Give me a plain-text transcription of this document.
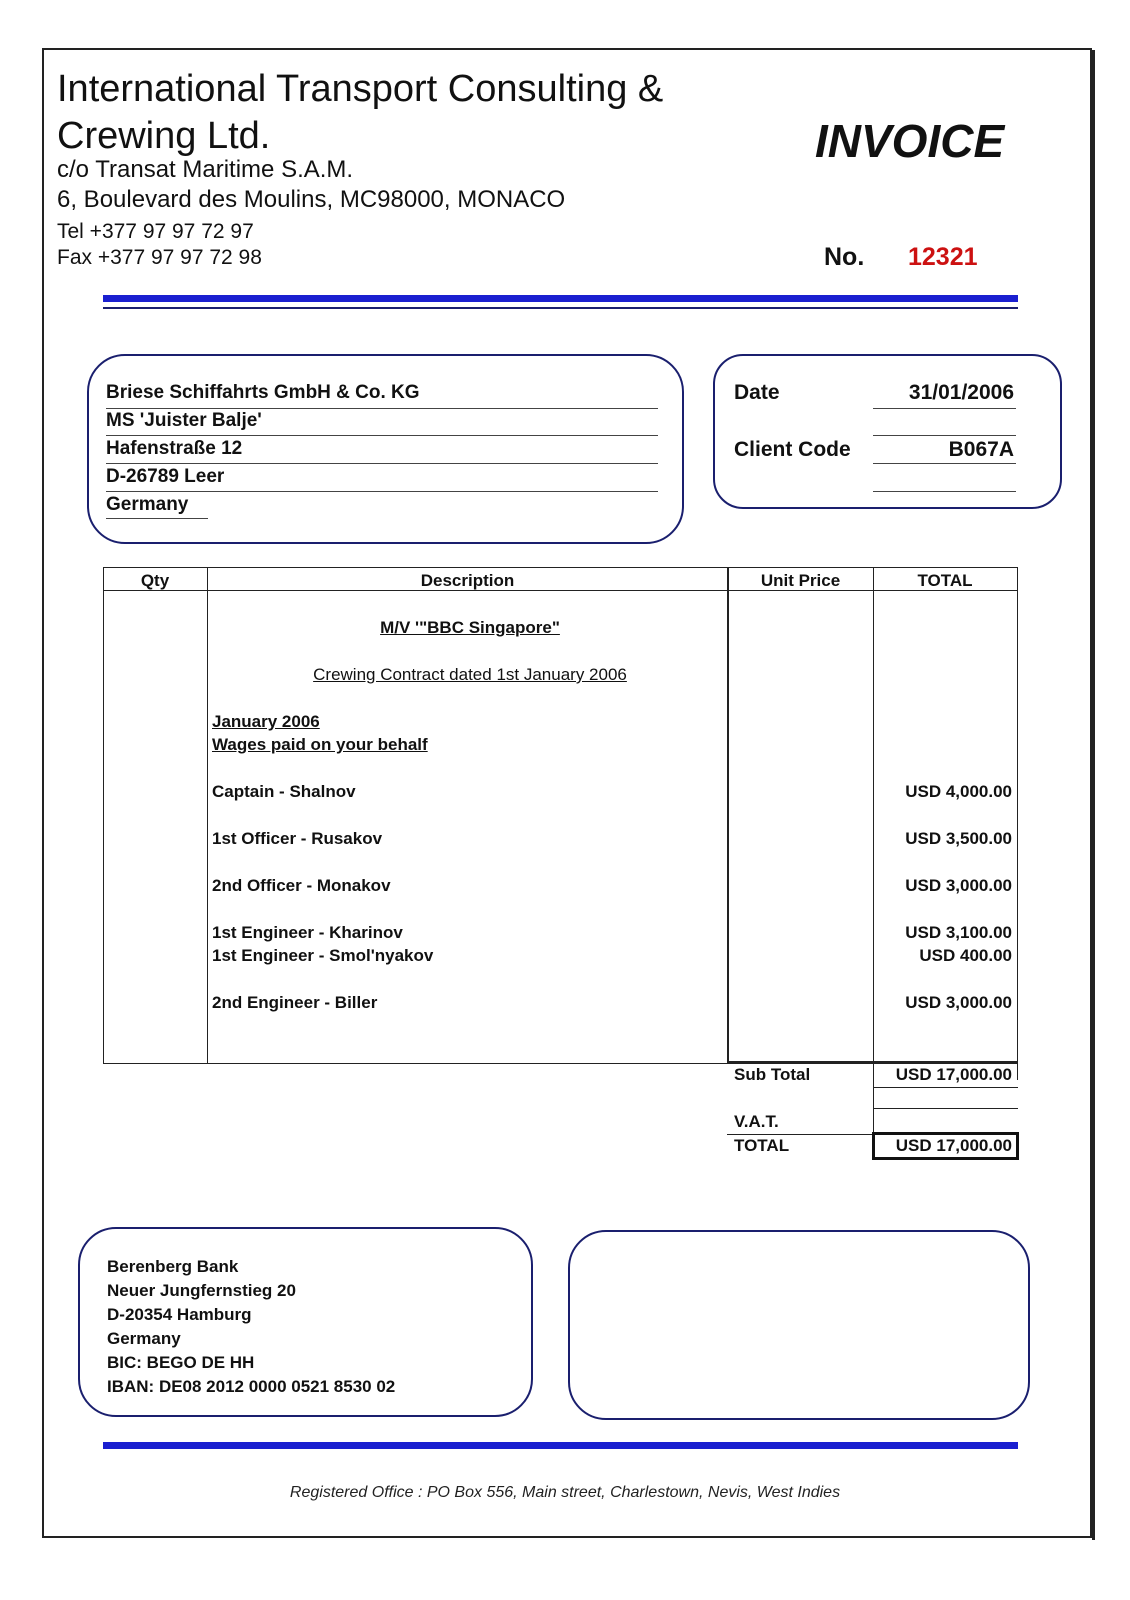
International Transport Consulting &
Crewing Ltd.
c/o Transat Maritime S.A.M.
6, Boulevard des Moulins, MC98000, MONACO
Tel +377 97 97 72 97
Fax +377 97 97 72 98
INVOICE
No. 12321
Briese Schiffahrts GmbH & Co. KG
MS 'Juister Balje'
Hafenstraße 12
D-26789 Leer
Germany
Date	31/01/2006
Client Code	B067A
Qty	Description	Unit Price	TOTAL
M/V '"BBC Singapore"
Crewing Contract dated 1st January 2006
January 2006
Wages paid on your behalf
Captain - Shalnov	USD 4,000.00
1st Officer - Rusakov	USD 3,500.00
2nd Officer - Monakov	USD 3,000.00
1st Engineer - Kharinov	USD 3,100.00
1st Engineer - Smol'nyakov	USD 400.00
2nd Engineer - Biller	USD 3,000.00
Sub Total	USD 17,000.00
V.A.T.
TOTAL	USD 17,000.00
Berenberg Bank
Neuer Jungfernstieg 20
D-20354 Hamburg
Germany
BIC: BEGO DE HH
IBAN: DE08 2012 0000 0521 8530 02
Registered Office : PO Box 556, Main street, Charlestown, Nevis, West Indies
